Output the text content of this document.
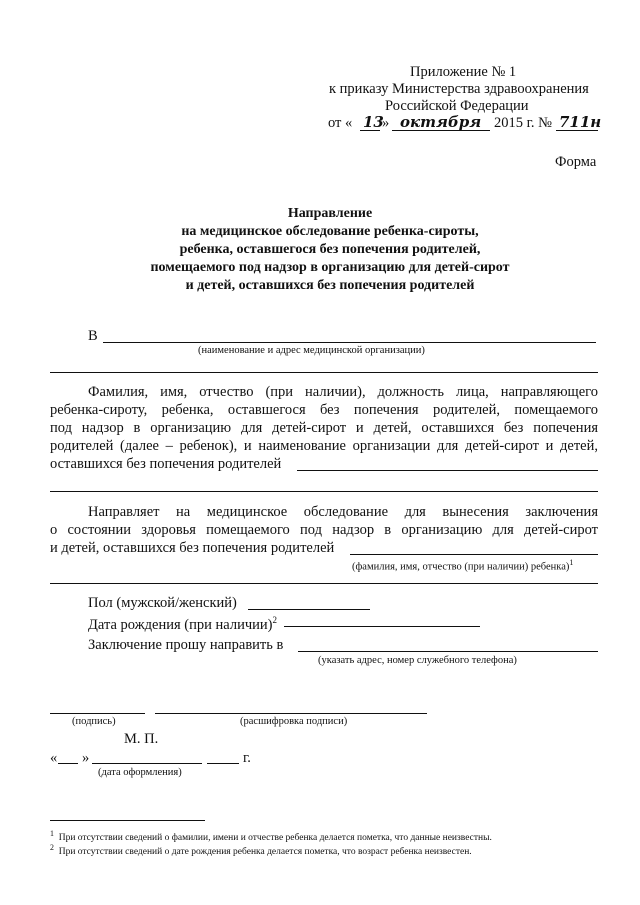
Приложение № 1
к приказу Министерства здравоохранения
Российской Федерации
от « 13
» октября 2015 г. № 711н
Форма
Направление
на медицинское обследование ребенка-сироты,
ребенка, оставшегося без попечения родителей,
помещаемого под надзор в организацию для детей-сирот
и детей, оставшихся без попечения родителей
В
(наименование и адрес медицинской организации)
Фамилия, имя, отчество (при наличии), должность лица, направляющего
ребенка-сироту, ребенка, оставшегося без попечения родителей, помещаемого
под надзор в организацию для детей-сирот и детей, оставшихся без попечения
родителей (далее – ребенок), и наименование организации для детей-сирот и детей,
оставшихся без попечения родителей
Направляет на медицинское обследование для вынесения заключения
о состоянии здоровья помещаемого под надзор в организацию для детей-сирот
и детей, оставшихся без попечения родителей
(фамилия, имя, отчество (при наличии) ребенка)$^1$
Пол (мужской/женский)
Дата рождения (при наличии)$^2$
Заключение прошу направить в
(указать адрес, номер служебного телефона)
(подпись)	(расшифровка подписи)
М. П.
« »	г.
(дата оформления)
$^1$ При отсутствии сведений о фамилии, имени и отчестве ребенка делается пометка, что данные неизвестны.
$^2$ При отсутствии сведений о дате рождения ребенка делается пометка, что возраст ребенка неизвестен.
